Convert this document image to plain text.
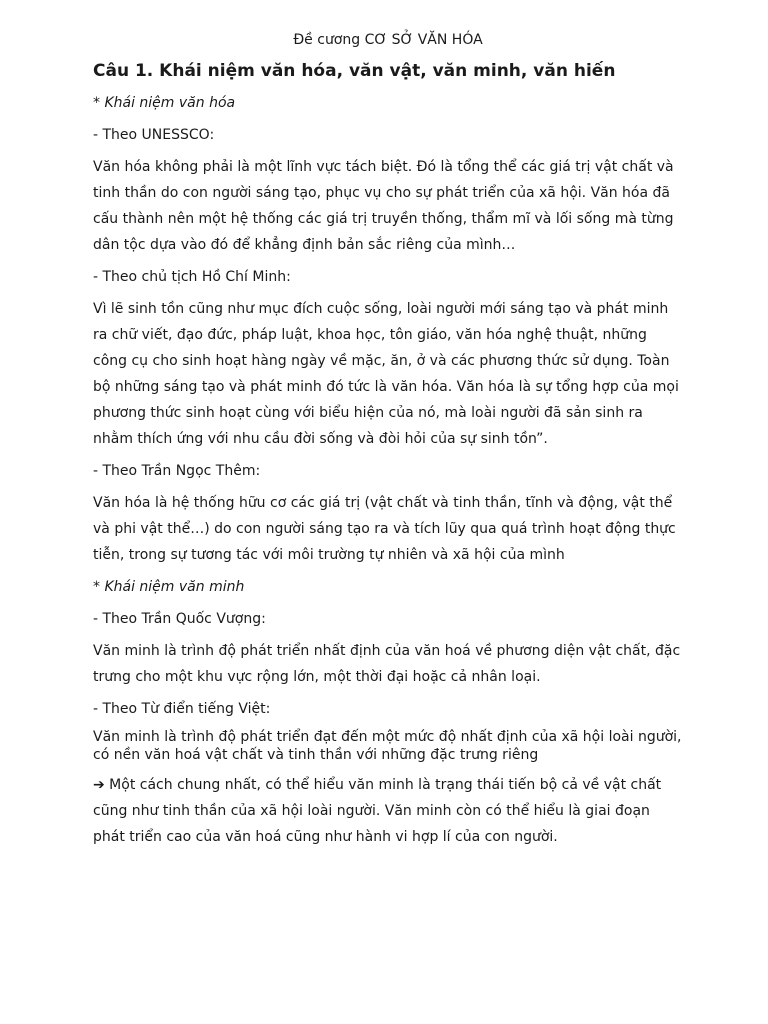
Đề cương CƠ SỞ VĂN HÓA
Câu 1. Khái niệm văn hóa, văn vật, văn minh, văn hiến
* Khái niệm văn hóa
- Theo UNESSCO:
Văn hóa không phải là một lĩnh vực tách biệt. Đó là tổng thể các giá trị vật chất và tinh thần do con người sáng tạo, phục vụ cho sự phát triển của xã hội. Văn hóa đã cấu thành nên một hệ thống các giá trị truyền thống, thẩm mĩ và lối sống mà từng dân tộc dựa vào đó để khẳng định bản sắc riêng của mình…
- Theo chủ tịch Hồ Chí Minh:
Vì lẽ sinh tồn cũng như mục đích cuộc sống, loài người mới sáng tạo và phát minh ra chữ viết, đạo đức, pháp luật, khoa học, tôn giáo, văn hóa nghệ thuật, những công cụ cho sinh hoạt hàng ngày về mặc, ăn, ở và các phương thức sử dụng. Toàn bộ những sáng tạo và phát minh đó tức là văn hóa. Văn hóa là sự tổng hợp của mọi phương thức sinh hoạt cùng với biểu hiện của nó, mà loài người đã sản sinh ra nhằm thích ứng với nhu cầu đời sống và đòi hỏi của sự sinh tồn”.
- Theo Trần Ngọc Thêm:
Văn hóa là hệ thống hữu cơ các giá trị (vật chất và tinh thần, tĩnh và động, vật thể và phi vật thể…) do con người sáng tạo ra và tích lũy qua quá trình hoạt động thực tiễn, trong sự tương tác với môi trường tự nhiên và xã hội của mình
* Khái niệm văn minh
- Theo Trần Quốc Vượng:
Văn minh là trình độ phát triển nhất định của văn hoá về phương diện vật chất, đặc trưng cho một khu vực rộng lớn, một thời đại hoặc cả nhân loại.
- Theo Từ điển tiếng Việt:
Văn minh là trình độ phát triển đạt đến một mức độ nhất định của xã hội loài người, có nền văn hoá vật chất và tinh thần với những đặc trưng riêng
➔ Một cách chung nhất, có thể hiểu văn minh là trạng thái tiến bộ cả về vật chất cũng như tinh thần của xã hội loài người. Văn minh còn có thể hiểu là giai đoạn phát triển cao của văn hoá cũng như hành vi hợp lí của con người.
